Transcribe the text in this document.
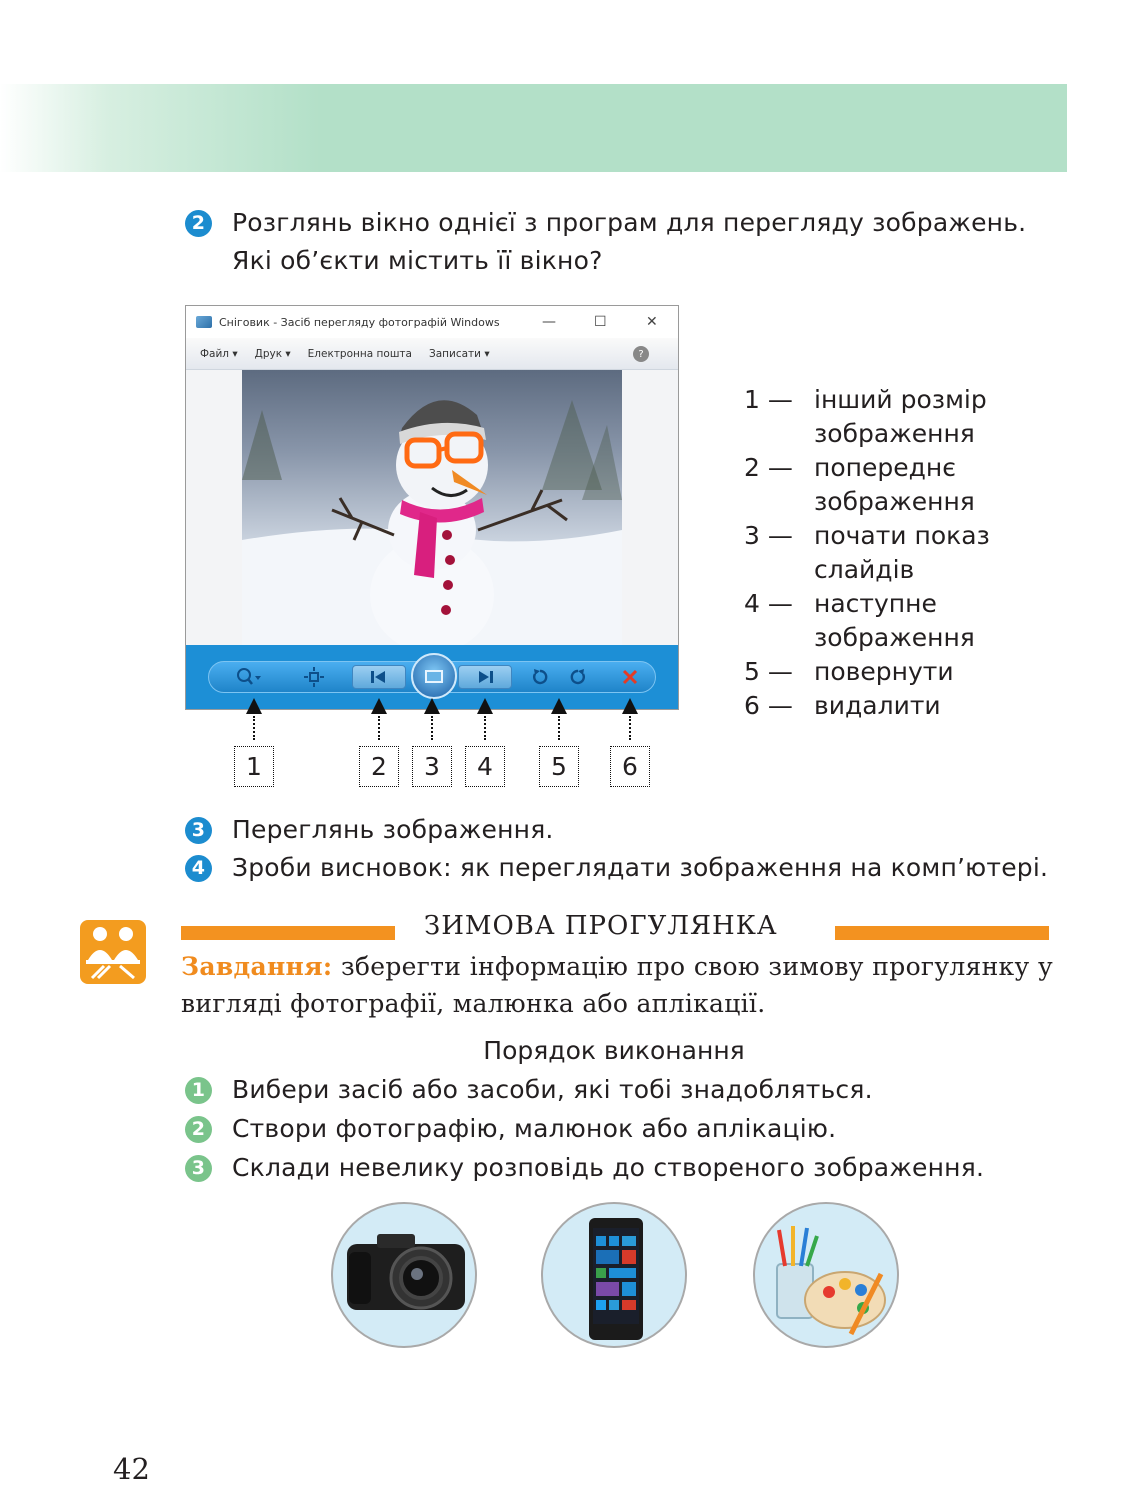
2 Розглянь вікно однієї з програм для перегляду зображень.
Які об’єкти містить її вікно?
Сніговик - Засіб перегляду фотографій Windows	—	☐	✕
Файл ▾ Друк ▾ Електронна пошта Записати ▾	?
1	2	3	4	5	6
1 — інший розмір зображення
2 — попереднє зображення
3 — почати показ слайдів
4 — наступне зображення
5 — повернути
6 — видалити
3 Переглянь зображення.
4 Зроби висновок: як переглядати зображення на комп’ютері.
ЗИМОВА ПРОГУЛЯНКА
Завдання: зберегти інформацію про свою зимову прогулянку у вигляді фотографії, малюнка або аплікації.
Порядок виконання
1 Вибери засіб або засоби, які тобі знадобляться.
2 Створи фотографію, малюнок або аплікацію.
3 Склади невелику розповідь до створеного зображення.
42
